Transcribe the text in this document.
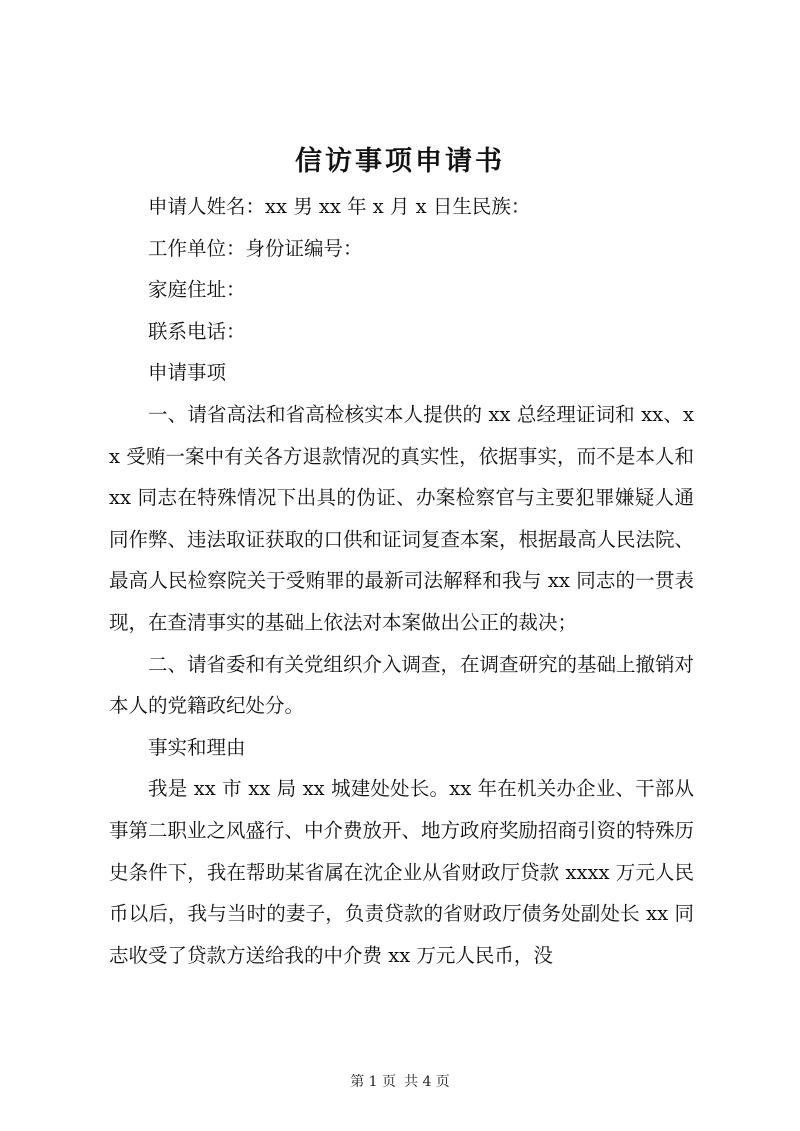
信访事项申请书

申请人姓名：xx 男 xx 年 x 月 x 日生民族：

工作单位：身份证编号：

家庭住址：

联系电话：

申请事项

一、请省高法和省高检核实本人提供的 xx 总经理证词和 xx、xx 受贿一案中有关各方退款情况的真实性，依据事实，而不是本人和 xx 同志在特殊情况下出具的伪证、办案检察官与主要犯罪嫌疑人通同作弊、违法取证获取的口供和证词复查本案，根据最高人民法院、最高人民检察院关于受贿罪的最新司法解释和我与 xx 同志的一贯表现，在查清事实的基础上依法对本案做出公正的裁决；

二、请省委和有关党组织介入调查，在调查研究的基础上撤销对本人的党籍政纪处分。

事实和理由

我是 xx 市 xx 局 xx 城建处处长。xx 年在机关办企业、干部从事第二职业之风盛行、中介费放开、地方政府奖励招商引资的特殊历史条件下，我在帮助某省属在沈企业从省财政厅贷款 xxxx 万元人民币以后，我与当时的妻子，负责贷款的省财政厅债务处副处长 xx 同志收受了贷款方送给我的中介费 xx 万元人民币，没

第 1 页 共 4 页
